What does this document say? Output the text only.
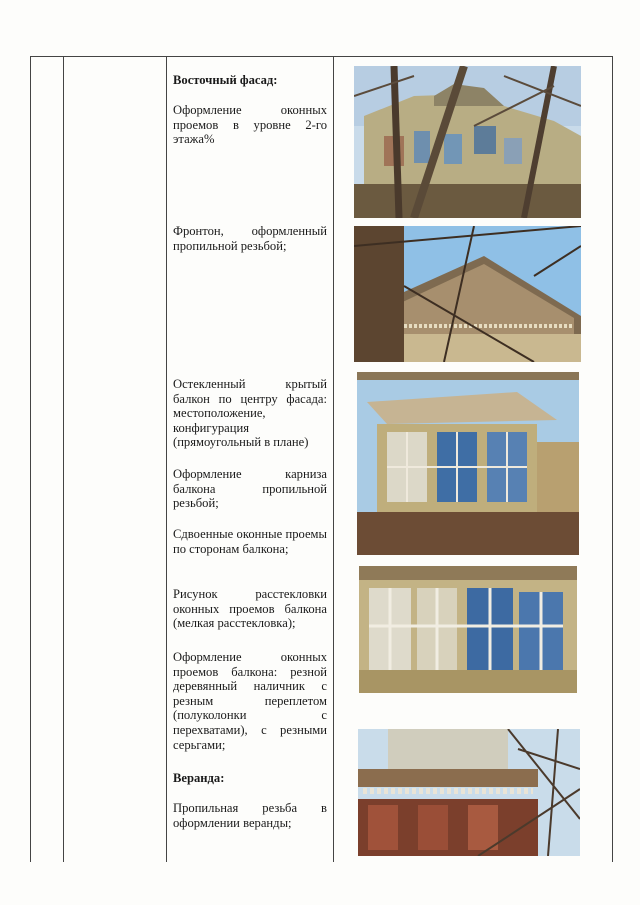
Восточный фасад:

Оформление оконных проемов в уровне 2-го этажа%

Фронтон, оформленный пропильной резьбой;

Остекленный крытый балкон по центру фасада: местоположение, конфигурация (прямоугольный в плане)

Оформление карниза балкона пропильной резьбой;

Сдвоенные оконные проемы по сторонам балкона;

Рисунок расстекловки оконных проемов балкона (мелкая расстекловка);

Оформление оконных проемов балкона: резной деревянный наличник с резным переплетом (полуколонки с перехватами), с резными серьгами;

Веранда:

Пропильная резьба в оформлении веранды;
